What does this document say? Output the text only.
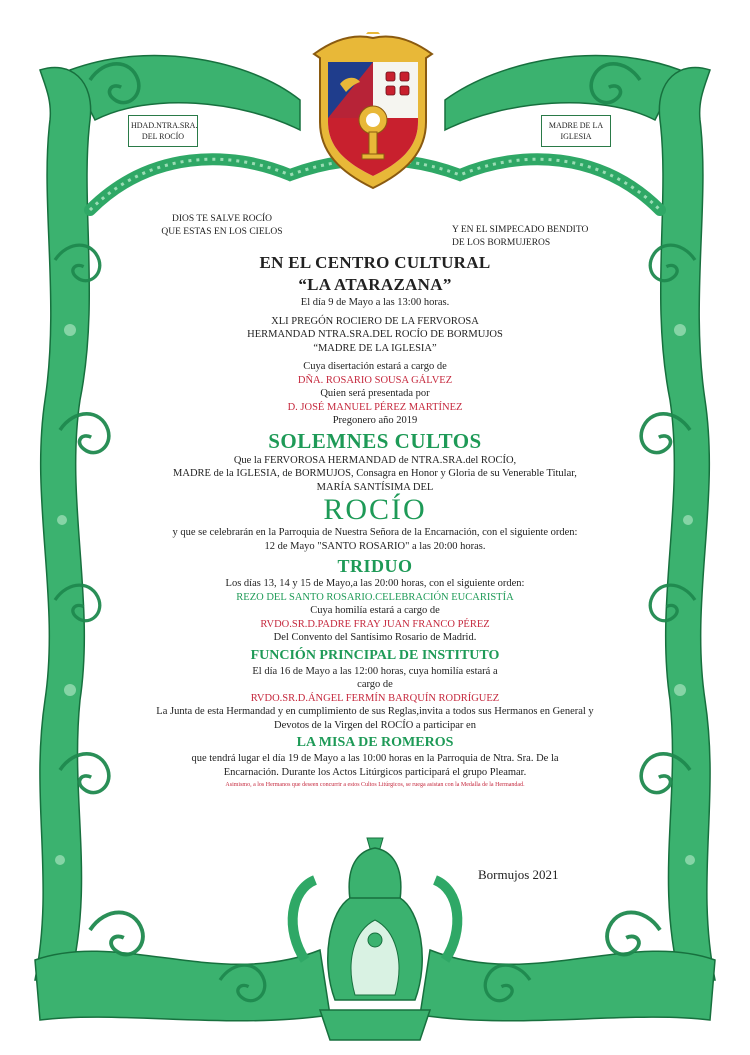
HDAD.NTRA.SRA.
DEL ROCÍO
MADRE DE LA
IGLESIA
DIOS TE SALVE ROCÍO
QUE ESTAS EN LOS CIELOS	Y EN EL SIMPECADO BENDITO
DE LOS BORMUJEROS

EN EL CENTRO CULTURAL

“LA ATARAZANA”

El día 9 de Mayo a las 13:00 horas.

XLI PREGÓN ROCIERO DE LA FERVOROSA

HERMANDAD NTRA.SRA.DEL ROCÍO DE BORMUJOS

“MADRE DE LA IGLESIA”

Cuya disertación estará a cargo de

DÑA. ROSARIO SOUSA GÁLVEZ

Quien será presentada por

D. JOSÉ MANUEL PÉREZ MARTÍNEZ

Pregonero año 2019

SOLEMNES CULTOS

Que la FERVOROSA HERMANDAD de NTRA.SRA.del ROCÍO,

MADRE de la IGLESIA, de BORMUJOS, Consagra en Honor y Gloria de su Venerable Titular,

MARÍA SANTÍSIMA DEL

ROCÍO

y que se celebrarán en la Parroquia de Nuestra Señora de la Encarnación, con el siguiente orden:

12 de Mayo "SANTO ROSARIO" a las 20:00 horas.

TRIDUO

Los días 13, 14 y 15 de Mayo,a las 20:00 horas, con el siguiente orden:

REZO DEL SANTO ROSARIO.CELEBRACIÓN EUCARISTÍA

Cuya homilía estará a cargo de

RVDO.SR.D.PADRE FRAY JUAN FRANCO PÉREZ

Del Convento del Santísimo Rosario de Madrid.

FUNCIÓN PRINCIPAL DE INSTITUTO

El día 16 de Mayo a las 12:00 horas, cuya homilía estará a

cargo de

RVDO.SR.D.ÁNGEL FERMÍN BARQUÍN RODRÍGUEZ

La Junta de esta Hermandad y en cumplimiento de sus Reglas,invita a todos sus Hermanos en General y

Devotos de la Virgen del ROCÍO a participar en

LA MISA DE ROMEROS

que tendrá lugar el día 19 de Mayo a las 10:00 horas en la Parroquia de Ntra. Sra. De la

Encarnación. Durante los Actos Litúrgicos participará el grupo Pleamar.

Asimismo, a los Hermanos que deseen concurrir a estos Cultos Litúrgicos, se ruega asistan con la Medalla de la Hermandad.

Bormujos 2021
